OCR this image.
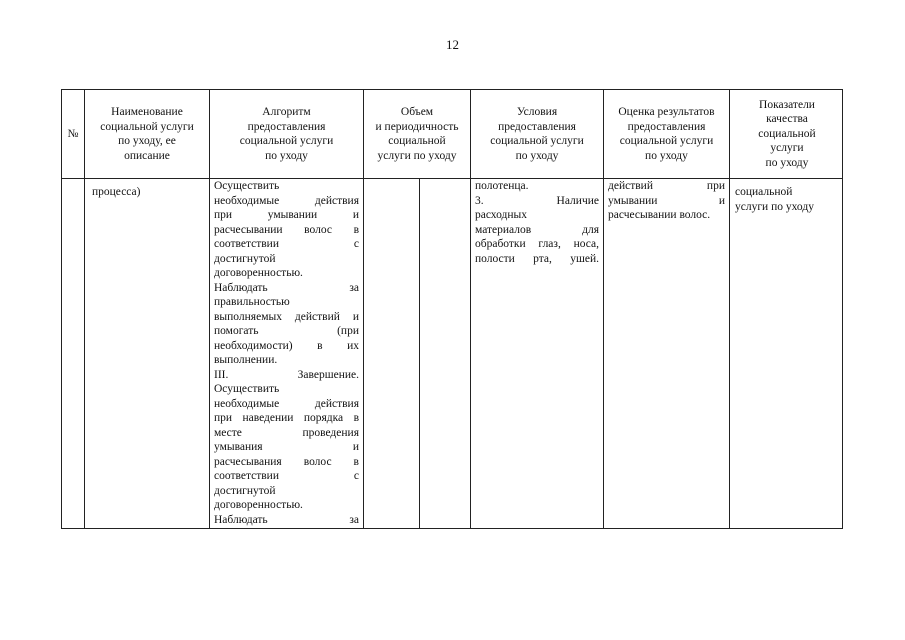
12
№
Наименование
социальной услуги
по уходу, ее
описание
Алгоритм
предоставления
социальной услуги
по уходу
Объем
и периодичность
социальной
услуги по уходу
Условия
предоставления
социальной услуги
по уходу
Оценка результатов
предоставления
социальной услуги
по уходу
Показатели
качества
социальной
услуги
по уходу
процесса)	Осуществить
необходимые действия
при умывании и
расчесывании волос в
соответствии с
достигнутой
договоренностью.
Наблюдать за
правильностью
выполняемых действий и
помогать (при
необходимости) в их
выполнении.
III. Завершение.
Осуществить
необходимые действия
при наведении порядка в
месте проведения
умывания и
расчесывания волос в
соответствии с
достигнутой
договоренностью.
Наблюдать за
полотенца.
3. Наличие
расходных
материалов для
обработки глаз, носа,
полости рта, ушей.
действий при
умывании и
расчесывании волос.
социальной
услуги по уходу
